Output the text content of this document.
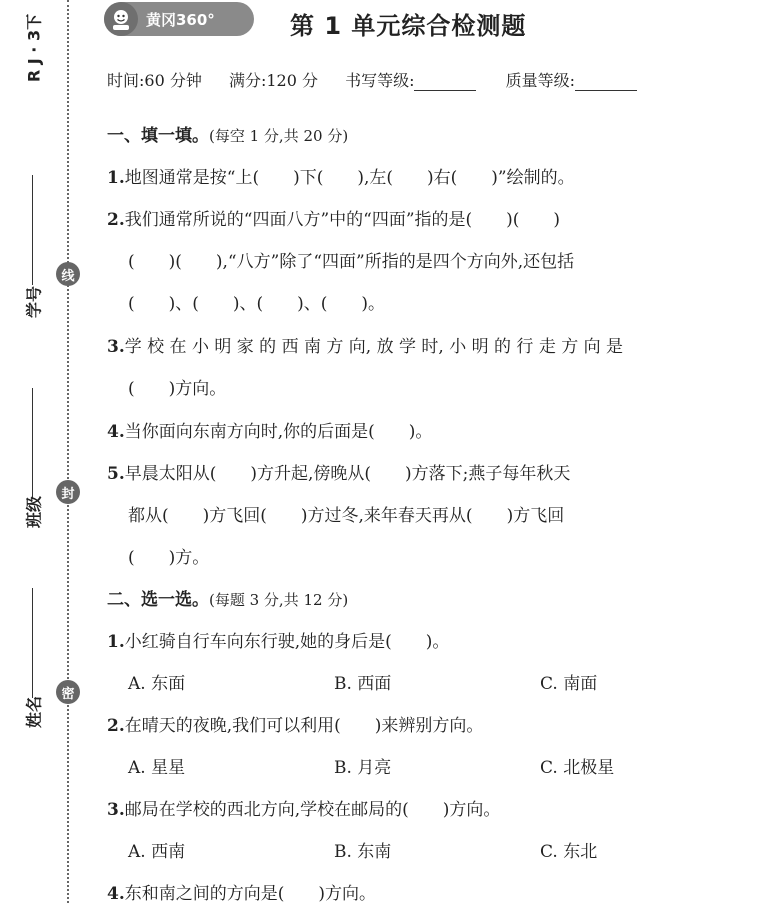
R J · 3下
学号
班级
姓名
线
封
密
黄冈360°	第 1 单元综合检测题
时间:60 分钟 满分:120 分 书写等级:	质量等级:
一、填一填。(每空 1 分,共 20 分)
1.地图通常是按“上(　　)下(　　),左(　　)右(　　)”绘制的。
2.我们通常所说的“四面八方”中的“四面”指的是(　　)(　　)
(　　)(　　),“八方”除了“四面”所指的是四个方向外,还包括
(　　)、(　　)、(　　)、(　　)。
3.学 校 在 小 明 家 的 西 南 方 向, 放 学 时, 小 明 的 行 走 方 向 是
(　　)方向。
4.当你面向东南方向时,你的后面是(　　)。
5.早晨太阳从(　　)方升起,傍晚从(　　)方落下;燕子每年秋天
都从(　　)方飞回(　　)方过冬,来年春天再从(　　)方飞回
(　　)方。
二、选一选。(每题 3 分,共 12 分)
1.小红骑自行车向东行驶,她的身后是(　　)。
A. 东面	B. 西面	C. 南面
2.在晴天的夜晚,我们可以利用(　　)来辨别方向。
A. 星星	B. 月亮	C. 北极星
3.邮局在学校的西北方向,学校在邮局的(　　)方向。
A. 西南	B. 东南	C. 东北
4.东和南之间的方向是(　　)方向。
